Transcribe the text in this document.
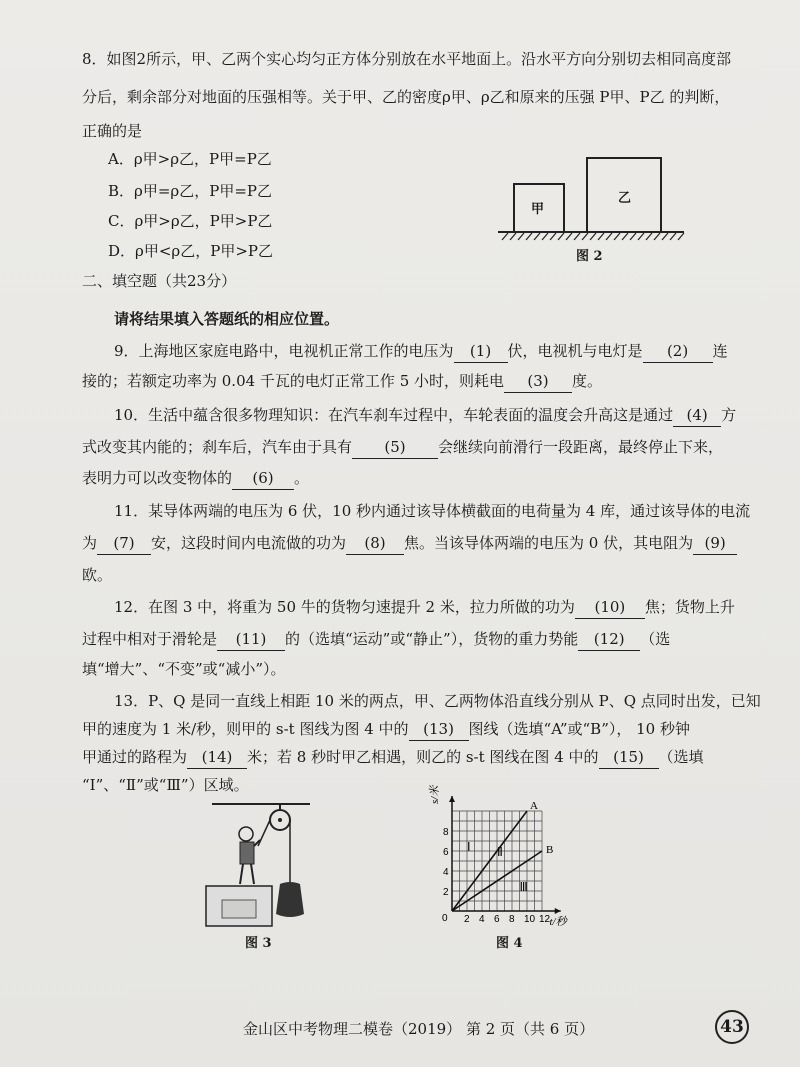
8．如图2所示，甲、乙两个实心均匀正方体分别放在水平地面上。沿水平方向分别切去相同高度部
分后，剩余部分对地面的压强相等。关于甲、乙的密度ρ甲、ρ乙和原来的压强 P甲、P乙 的判断，
正确的是
A．ρ甲>ρ乙，P甲=P乙
B．ρ甲=ρ乙，P甲=P乙
C．ρ甲>ρ乙，P甲>P乙
D．ρ甲<ρ乙，P甲>P乙
甲
乙
图 2
二、填空题（共23分）
请将结果填入答题纸的相应位置。
9．上海地区家庭电路中，电视机正常工作的电压为 (1) 伏，电视机与电灯是 (2) 连
接的；若额定功率为 0.04 千瓦的电灯正常工作 5 小时，则耗电 (3) 度。
10．生活中蕴含很多物理知识：在汽车刹车过程中，车轮表面的温度会升高这是通过 (4) 方
式改变其内能的；刹车后，汽车由于具有 (5) 会继续向前滑行一段距离，最终停止下来，
表明力可以改变物体的 (6) 。
11．某导体两端的电压为 6 伏，10 秒内通过该导体横截面的电荷量为 4 库，通过该导体的电流
为 (7) 安，这段时间内电流做的功为 (8) 焦。当该导体两端的电压为 0 伏，其电阻为 (9)
欧。
12．在图 3 中，将重为 50 牛的货物匀速提升 2 米，拉力所做的功为 (10) 焦；货物上升
过程中相对于滑轮是 (11) 的（选填“运动”或“静止”），货物的重力势能 (12) （选
填“增大”、“不变”或“减小”）。
13．P、Q 是同一直线上相距 10 米的两点，甲、乙两物体沿直线分别从 P、Q 点同时出发，已知
甲的速度为 1 米/秒，则甲的 s-t 图线为图 4 中的 (13) 图线（选填“A”或“B”）， 10 秒钟
甲通过的路程为 (14) 米；若 8 秒时甲乙相遇，则乙的 s-t 图线在图 4 中的 (15) （选填
“Ⅰ”、“Ⅱ”或“Ⅲ”）区域。
图 3
A
B
Ⅰ Ⅱ
Ⅲ
2 4 6 8 10 12
2
4
6
8
0	t/秒
s/米
图 4
金山区中考物理二模卷（2019） 第 2 页（共 6 页）	43
